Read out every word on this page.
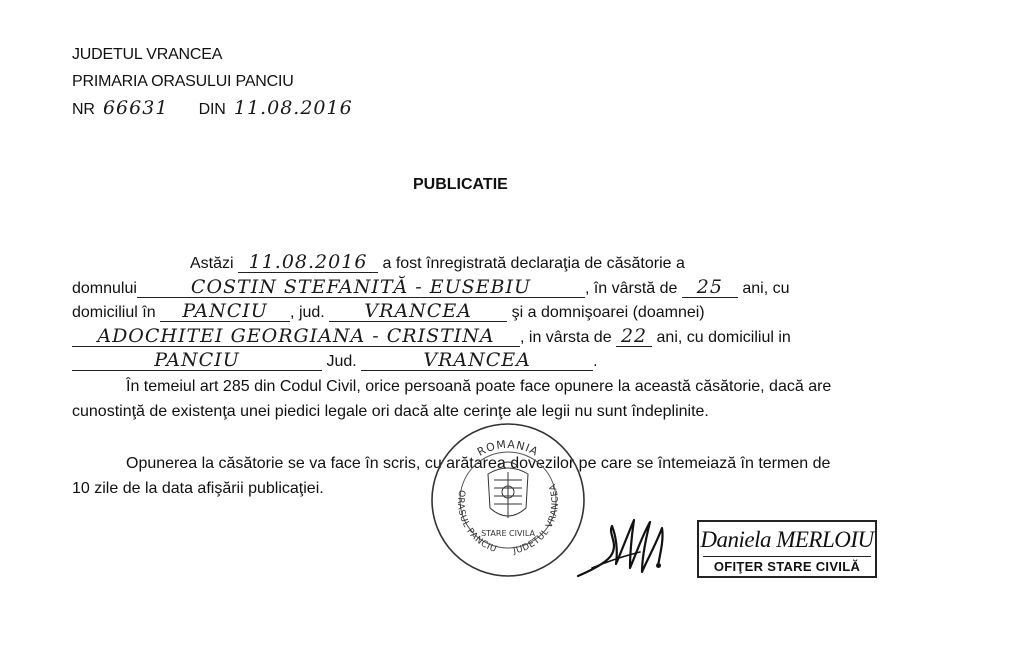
JUDETUL VRANCEA
PRIMARIA ORASULUI PANCIU
NR 66631 DIN 11.08.2016
PUBLICATIE
Astăzi 11.08.2016 a fost înregistrată declaraţia de căsătorie a
domnului	COSTIN STEFANITĂ - EUSEBIU	, în vârstă de 25 ani, cu
domiciliul în PANCIU , jud. VRANCEA şi a domnişoarei (doamnei)
ADOCHITEI GEORGIANA - CRISTINA , in vârsta de 22 ani, cu domiciliul in
PANCIU	Jud.	VRANCEA	.
În temeiul art 285 din Codul Civil, orice persoană poate face opunere la această căsătorie, dacă are cunostinţă de existenţa unei piedici legale ori dacă alte cerinţe ale legii nu sunt îndeplinite.
Opunerea la căsătorie se va face în scris, cu arătarea dovezilor pe care se întemeiază în termen de 10 zile de la data afişării publicaţiei.
ROMANIA
ORASUL PANCIU JUDETUL VRANCEA
STARE CIVILA	Daniela MERLOIU
OFIŢER STARE CIVILĂ
